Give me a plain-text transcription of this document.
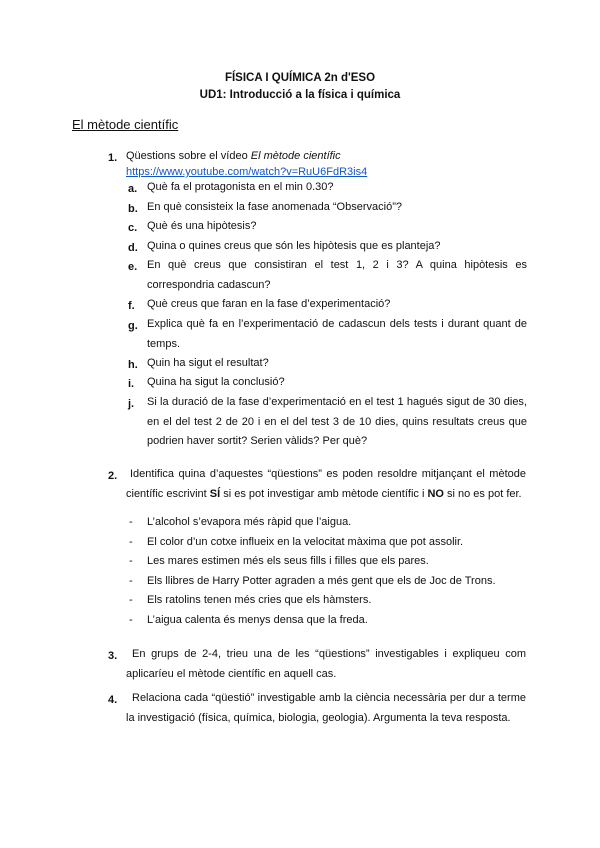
FÍSICA I QUÍMICA 2n d'ESO
UD1: Introducció a la física i química
El mètode científic
1. Qüestions sobre el vídeo El mètode científic
https://www.youtube.com/watch?v=RuU6FdR3is4
a. Què fa el protagonista en el min 0.30?
b. En què consisteix la fase anomenada “Observació”?
c. Què és una hipòtesis?
d. Quina o quines creus que són les hipòtesis que es planteja?
e. En què creus que consistiran el test 1, 2 i 3? A quina hipòtesis es correspondria cadascun?
f. Què creus que faran en la fase d’experimentació?
g. Explica què fa en l’experimentació de cadascun dels tests i durant quant de temps.
h. Quin ha sigut el resultat?
i. Quina ha sigut la conclusió?
j. Si la duració de la fase d’experimentació en el test 1 hagués sigut de 30 dies, en el del test 2 de 20 i en el del test 3 de 10 dies, quins resultats creus que podrien haver sortit? Serien vàlids? Per què?
2.	Identifica quina d’aquestes “qüestions” es poden resoldre mitjançant el mètode científic escrivint SÍ si es pot investigar amb mètode científic i NO si no es pot fer.
- L’alcohol s’evapora més ràpid que l’aigua.
- El color d’un cotxe influeix en la velocitat màxima que pot assolir.
- Les mares estimen més els seus fills i filles que els pares.
- Els llibres de Harry Potter agraden a més gent que els de Joc de Trons.
- Els ratolins tenen més cries que els hàmsters.
- L’aigua calenta és menys densa que la freda.
3.	En grups de 2-4, trieu una de les “qüestions” investigables i expliqueu com aplicaríeu el mètode científic en aquell cas.
4.	Relaciona cada “qüestió” investigable amb la ciència necessària per dur a terme la investigació (física, química, biologia, geologia). Argumenta la teva resposta.
